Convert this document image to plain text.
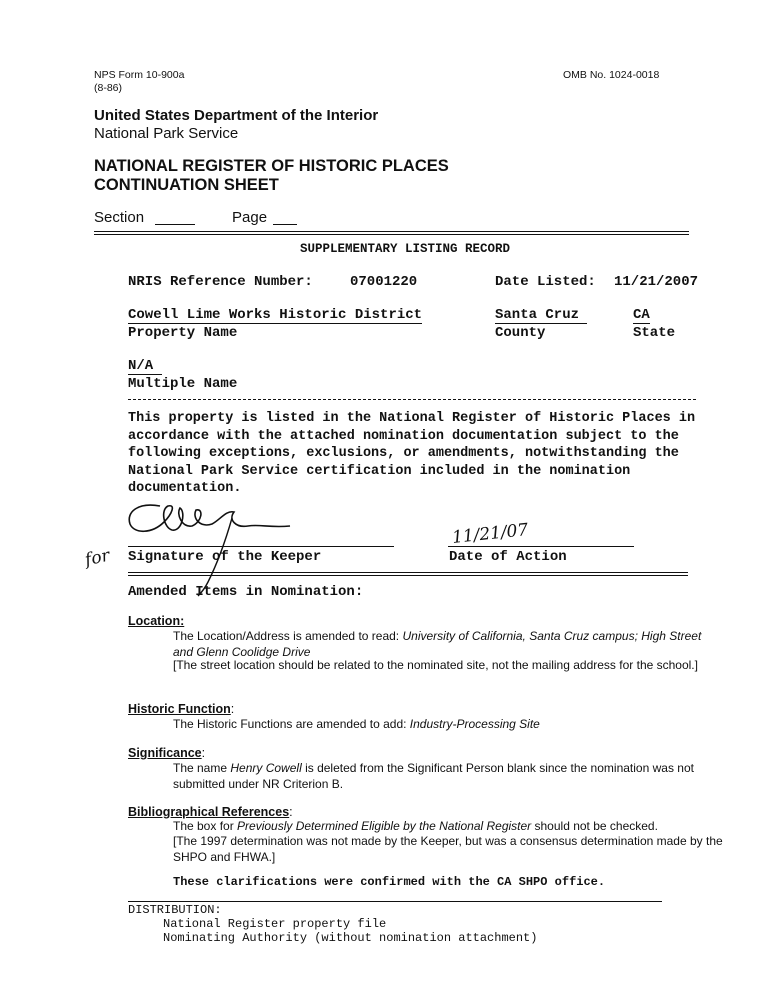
NPS Form 10-900a
(8-86)
OMB No. 1024-0018
United States Department of the Interior
National Park Service
NATIONAL REGISTER OF HISTORIC PLACES
CONTINUATION SHEET
Section	Page
SUPPLEMENTARY LISTING RECORD
NRIS Reference Number:	07001220	Date Listed: 11/21/2007
Cowell Lime Works Historic District
Property Name
Santa Cruz
County
CA
State
N/A
Multiple Name
This property is listed in the National Register of Historic Places in accordance with the attached nomination documentation subject to the following exceptions, exclusions, or amendments, notwithstanding the National Park Service certification included in the nomination documentation.
for Signature of the Keeper
11/21/07
Date of Action
Amended Items in Nomination:
Location:
The Location/Address is amended to read: University of California, Santa Cruz campus; High Street and Glenn Coolidge Drive
[The street location should be related to the nominated site, not the mailing address for the school.]
Historic Function:
The Historic Functions are amended to add: Industry-Processing Site
Significance:
The name Henry Cowell is deleted from the Significant Person blank since the nomination was not submitted under NR Criterion B.
Bibliographical References:
The box for Previously Determined Eligible by the National Register should not be checked.
[The 1997 determination was not made by the Keeper, but was a consensus determination made by the SHPO and FHWA.]
These clarifications were confirmed with the CA SHPO office.
DISTRIBUTION:
National Register property file
Nominating Authority (without nomination attachment)
